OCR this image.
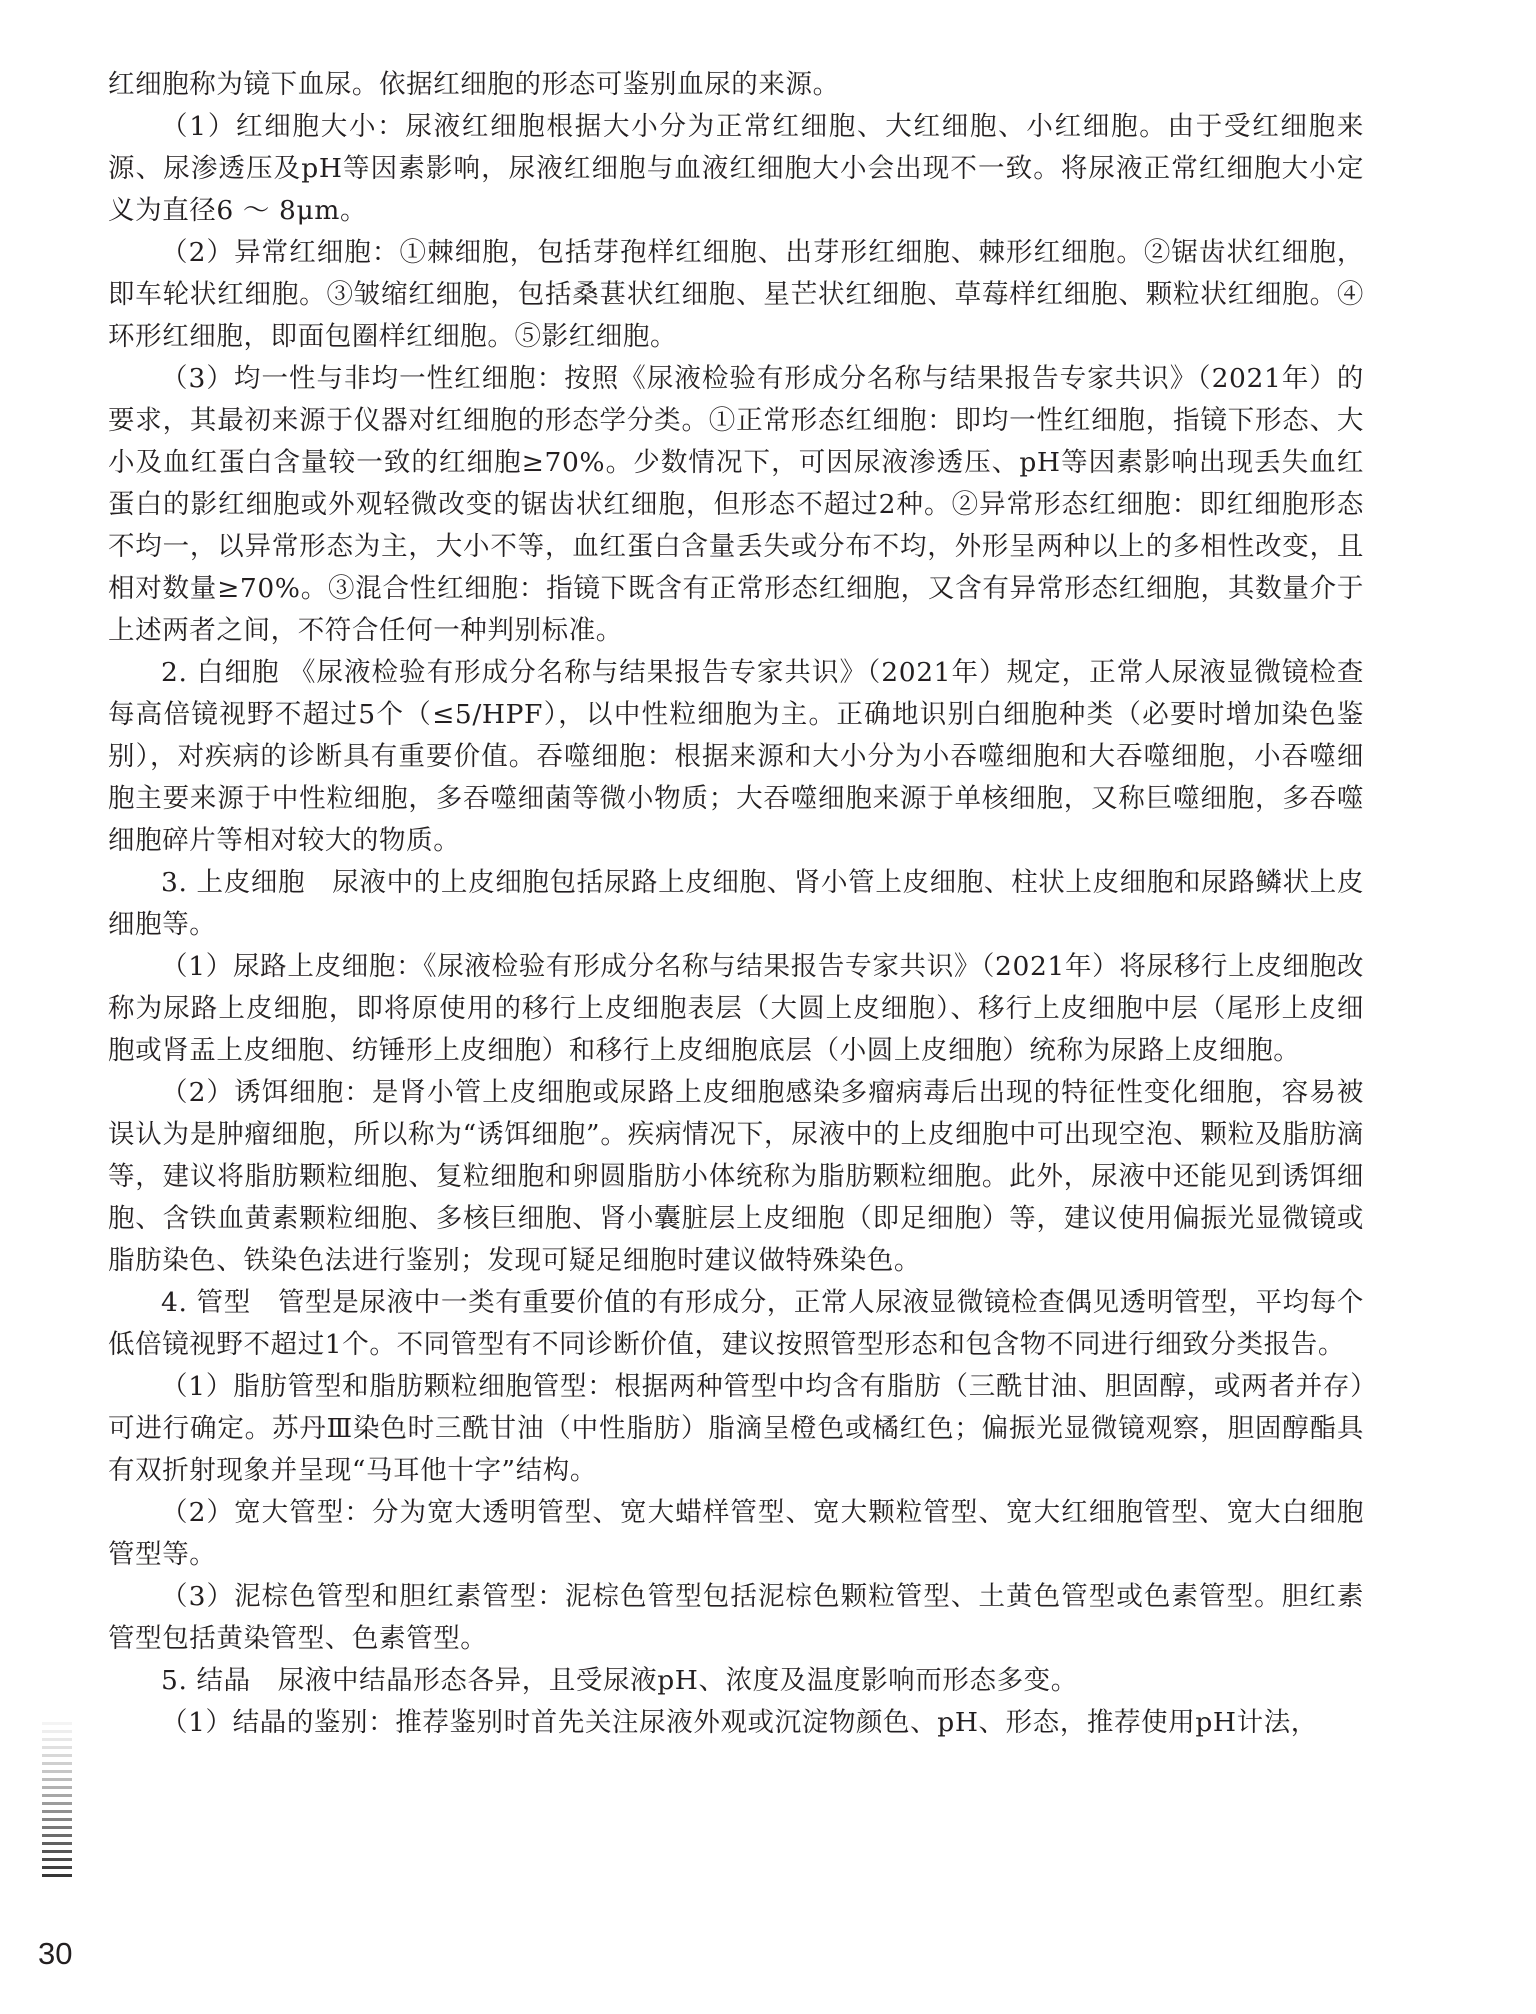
红细胞称为镜下血尿。依据红细胞的形态可鉴别血尿的来源。

（1）红细胞大小：尿液红细胞根据大小分为正常红细胞、大红细胞、小红细胞。由于受红细胞来源、尿渗透压及pH等因素影响，尿液红细胞与血液红细胞大小会出现不一致。将尿液正常红细胞大小定义为直径6 ～ 8μm。

（2）异常红细胞：①棘细胞，包括芽孢样红细胞、出芽形红细胞、棘形红细胞。②锯齿状红细胞，即车轮状红细胞。③皱缩红细胞，包括桑葚状红细胞、星芒状红细胞、草莓样红细胞、颗粒状红细胞。④环形红细胞，即面包圈样红细胞。⑤影红细胞。

（3）均一性与非均一性红细胞：按照《尿液检验有形成分名称与结果报告专家共识》（2021年）的要求，其最初来源于仪器对红细胞的形态学分类。①正常形态红细胞：即均一性红细胞，指镜下形态、大小及血红蛋白含量较一致的红细胞≥70%。少数情况下，可因尿液渗透压、pH等因素影响出现丢失血红蛋白的影红细胞或外观轻微改变的锯齿状红细胞，但形态不超过2种。②异常形态红细胞：即红细胞形态不均一，以异常形态为主，大小不等，血红蛋白含量丢失或分布不均，外形呈两种以上的多相性改变，且相对数量≥70%。③混合性红细胞：指镜下既含有正常形态红细胞，又含有异常形态红细胞，其数量介于上述两者之间，不符合任何一种判别标准。

2. 白细胞 《尿液检验有形成分名称与结果报告专家共识》（2021年）规定，正常人尿液显微镜检查每高倍镜视野不超过5个（≤5/HPF），以中性粒细胞为主。正确地识别白细胞种类（必要时增加染色鉴别），对疾病的诊断具有重要价值。吞噬细胞：根据来源和大小分为小吞噬细胞和大吞噬细胞，小吞噬细胞主要来源于中性粒细胞，多吞噬细菌等微小物质；大吞噬细胞来源于单核细胞，又称巨噬细胞，多吞噬细胞碎片等相对较大的物质。

3. 上皮细胞　尿液中的上皮细胞包括尿路上皮细胞、肾小管上皮细胞、柱状上皮细胞和尿路鳞状上皮细胞等。

（1）尿路上皮细胞：《尿液检验有形成分名称与结果报告专家共识》（2021年）将尿移行上皮细胞改称为尿路上皮细胞，即将原使用的移行上皮细胞表层（大圆上皮细胞）、移行上皮细胞中层（尾形上皮细胞或肾盂上皮细胞、纺锤形上皮细胞）和移行上皮细胞底层（小圆上皮细胞）统称为尿路上皮细胞。

（2）诱饵细胞：是肾小管上皮细胞或尿路上皮细胞感染多瘤病毒后出现的特征性变化细胞，容易被误认为是肿瘤细胞，所以称为“诱饵细胞”。疾病情况下，尿液中的上皮细胞中可出现空泡、颗粒及脂肪滴等，建议将脂肪颗粒细胞、复粒细胞和卵圆脂肪小体统称为脂肪颗粒细胞。此外，尿液中还能见到诱饵细胞、含铁血黄素颗粒细胞、多核巨细胞、肾小囊脏层上皮细胞（即足细胞）等，建议使用偏振光显微镜或脂肪染色、铁染色法进行鉴别；发现可疑足细胞时建议做特殊染色。

4. 管型　管型是尿液中一类有重要价值的有形成分，正常人尿液显微镜检查偶见透明管型，平均每个低倍镜视野不超过1个。不同管型有不同诊断价值，建议按照管型形态和包含物不同进行细致分类报告。

（1）脂肪管型和脂肪颗粒细胞管型：根据两种管型中均含有脂肪（三酰甘油、胆固醇，或两者并存）可进行确定。苏丹Ⅲ染色时三酰甘油（中性脂肪）脂滴呈橙色或橘红色；偏振光显微镜观察，胆固醇酯具有双折射现象并呈现“马耳他十字”结构。

（2）宽大管型：分为宽大透明管型、宽大蜡样管型、宽大颗粒管型、宽大红细胞管型、宽大白细胞管型等。

（3）泥棕色管型和胆红素管型：泥棕色管型包括泥棕色颗粒管型、土黄色管型或色素管型。胆红素管型包括黄染管型、色素管型。

5. 结晶　尿液中结晶形态各异，且受尿液pH、浓度及温度影响而形态多变。

（1）结晶的鉴别：推荐鉴别时首先关注尿液外观或沉淀物颜色、pH、形态，推荐使用pH计法，

30
